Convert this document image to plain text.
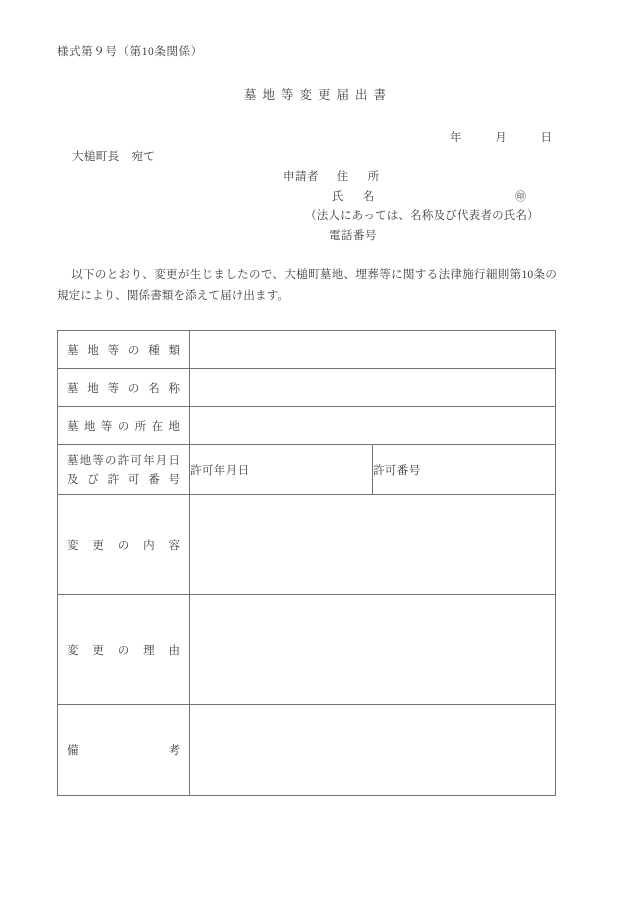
様式第９号（第10条関係）
墓地等変更届出書
年	月	日
大槌町長　宛て
申請者 住　所
氏　名	㊞
（法人にあっては、名称及び代表者の氏名）
電話番号
以下のとおり、変更が生じましたので、大槌町墓地、埋葬等に関する法律施行細則第10条の規定により、関係書類を添えて届け出ます。
墓地等の種類		

墓地等の名称		

墓地等の所在地		

墓地等の許可年月日
及び許可番号	許可年月日	許可番号

変更の内容		

変更の理由		

備考		
